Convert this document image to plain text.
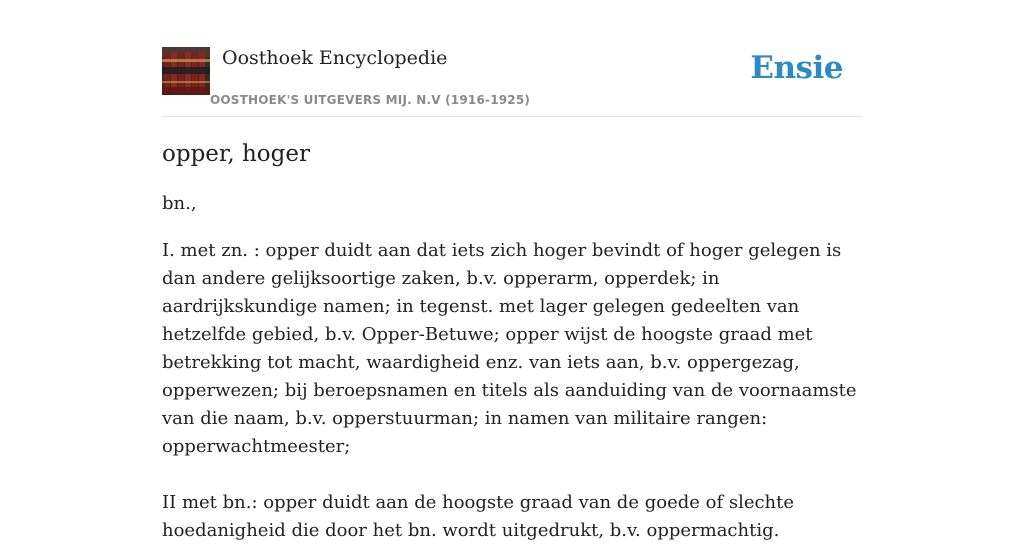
Oosthoek Encyclopedie
OOSTHOEK'S UITGEVERS MIJ. N.V (1916-1925)
Ensie
opper, hoger

bn.,

I. met zn. : opper duidt aan dat iets zich hoger bevindt of hoger gelegen is dan andere gelijksoortige zaken, b.v. opperarm, opperdek; in aardrijkskundige namen; in tegenst. met lager gelegen gedeelten van hetzelfde gebied, b.v. Opper-Betuwe; opper wijst de hoogste graad met betrekking tot macht, waardigheid enz. van iets aan, b.v. oppergezag, opperwezen; bij beroepsnamen en titels als aanduiding van de voornaamste van die naam, b.v. opperstuurman; in namen van militaire rangen: opperwachtmeester;

II met bn.: opper duidt aan de hoogste graad van de goede of slechte hoedanigheid die door het bn. wordt uitgedrukt, b.v. oppermachtig.
